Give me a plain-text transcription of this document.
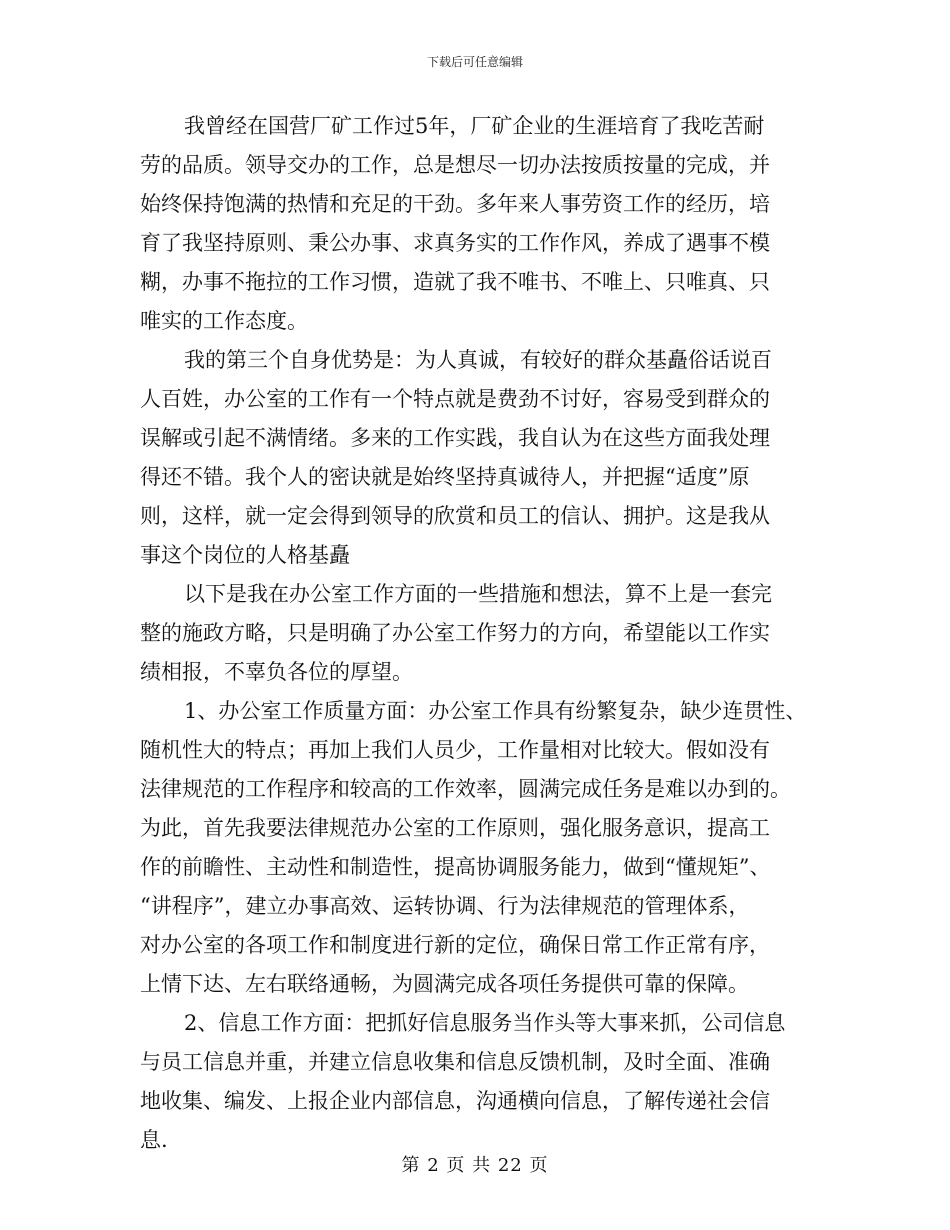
下载后可任意编辑
我曾经在国营厂矿工作过5年，厂矿企业的生涯培育了我吃苦耐
劳的品质。领导交办的工作，总是想尽一切办法按质按量的完成，并
始终保持饱满的热情和充足的干劲。多年来人事劳资工作的经历，培
育了我坚持原则、秉公办事、求真务实的工作作风，养成了遇事不模
糊，办事不拖拉的工作习惯，造就了我不唯书、不唯上、只唯真、只
唯实的工作态度。
我的第三个自身优势是：为人真诚，有较好的群众基矗俗话说百
人百姓，办公室的工作有一个特点就是费劲不讨好，容易受到群众的
误解或引起不满情绪。多来的工作实践，我自认为在这些方面我处理
得还不错。我个人的密诀就是始终坚持真诚待人，并把握“适度”原
则，这样，就一定会得到领导的欣赏和员工的信认、拥护。这是我从
事这个岗位的人格基矗
以下是我在办公室工作方面的一些措施和想法，算不上是一套完
整的施政方略，只是明确了办公室工作努力的方向，希望能以工作实
绩相报，不辜负各位的厚望。
1、办公室工作质量方面：办公室工作具有纷繁复杂，缺少连贯性、
随机性大的特点；再加上我们人员少，工作量相对比较大。假如没有
法律规范的工作程序和较高的工作效率，圆满完成任务是难以办到的。
为此，首先我要法律规范办公室的工作原则，强化服务意识，提高工
作的前瞻性、主动性和制造性，提高协调服务能力，做到“懂规矩”、
“讲程序”，建立办事高效、运转协调、行为法律规范的管理体系，
对办公室的各项工作和制度进行新的定位，确保日常工作正常有序，
上情下达、左右联络通畅，为圆满完成各项任务提供可靠的保障。
2、信息工作方面：把抓好信息服务当作头等大事来抓，公司信息
与员工信息并重，并建立信息收集和信息反馈机制，及时全面、准确
地收集、编发、上报企业内部信息，沟通横向信息，了解传递社会信
息.
第 2 页 共 22 页
